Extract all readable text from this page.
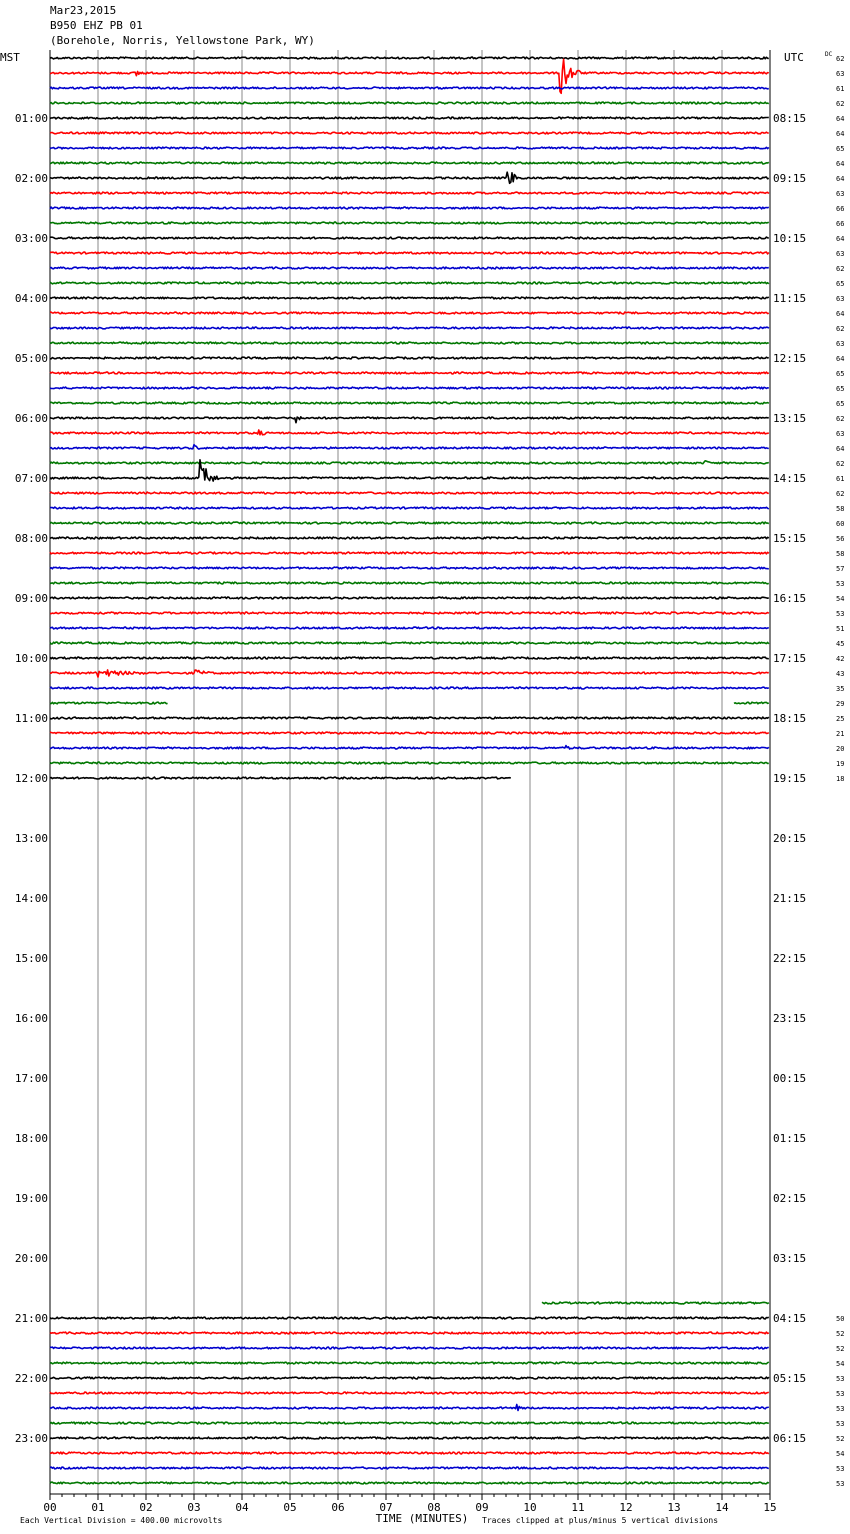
Mar23,2015
B950 EHZ PB 01
(Borehole, Norris, Yellowstone Park, WY)
MST	UTC	DC
01:00
02:00
03:00
04:00
05:00
06:00
07:00
08:00
09:00
10:00
11:00
12:00
13:00
14:00
15:00
16:00
17:00
18:00
19:00
20:00
21:00
22:00
23:00
08:15
09:15
10:15
11:15
12:15
13:15
14:15
15:15
16:15
17:15
18:15
19:15
20:15
21:15
22:15
23:15
00:15
01:15
02:15
03:15
04:15
05:15
06:15
62
63
61
62
64
64
65
64
64
63
66
66
64
63
62
65
63
64
62
63
64
65
65
65
62
63
64
62
61
62
58
60
56
58
57
53
54
53
51
45
42
43
35
29
25
21
20
19
18
50
52
52
54
53
53
53
53
52
54
53
53
00	01	02	03	04	05	06	07	08	09	10	11	12	13	14	15
Each Vertical Division = 400.00 microvolts	TIME (MINUTES) Traces clipped at plus/minus 5 vertical divisions
